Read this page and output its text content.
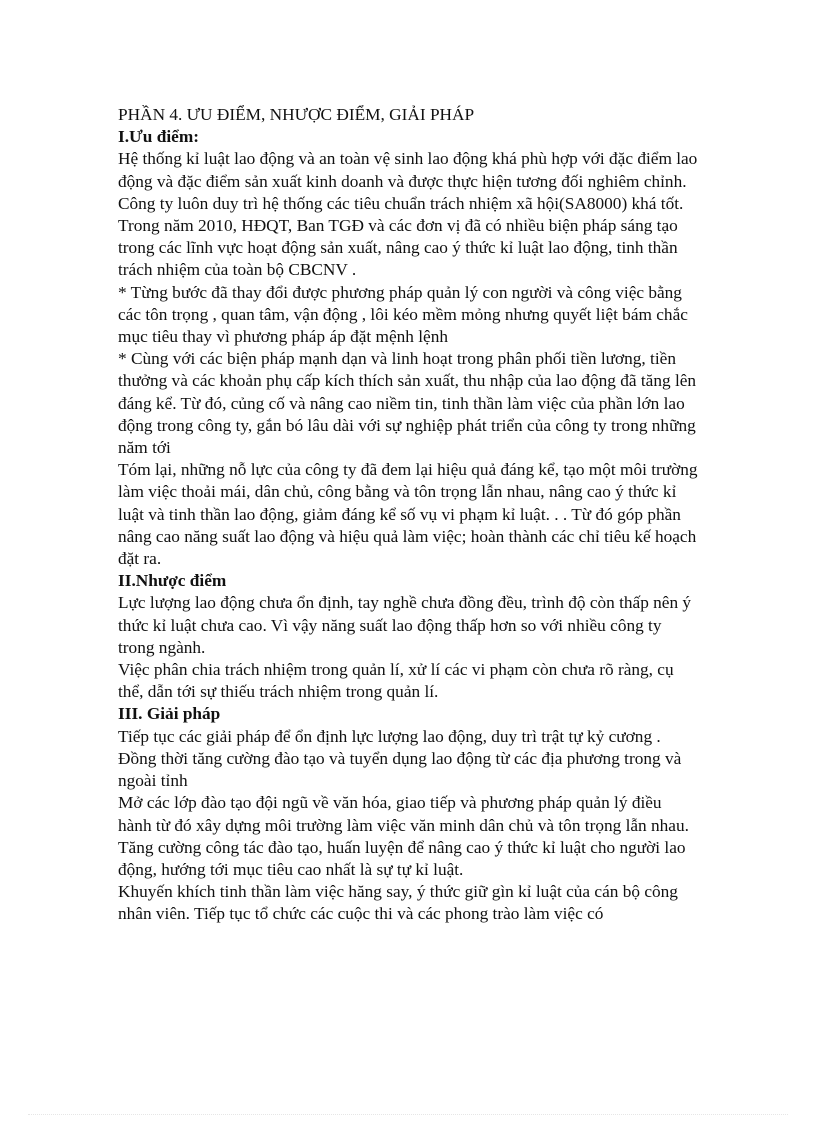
PHẦN 4. ƯU ĐIỂM, NHƯỢC ĐIỂM, GIẢI PHÁP

I.Ưu điểm:

Hệ thống kỉ luật lao động và an toàn vệ sinh lao động khá phù hợp với đặc điểm lao động và đặc điểm sản xuất kinh doanh và được thực hiện tương đối nghiêm chỉnh.

Công ty luôn duy trì hệ thống các tiêu chuẩn trách nhiệm xã hội(SA8000) khá tốt.

Trong năm 2010, HĐQT, Ban TGĐ và các đơn vị đã có nhiều biện pháp sáng tạo trong các lĩnh vực hoạt động sản xuất, nâng cao ý thức kỉ luật lao động, tinh thần trách nhiệm của toàn bộ CBCNV .

* Từng bước đã thay đổi được phương pháp quản lý con người và công việc bằng các tôn trọng , quan tâm, vận động , lôi kéo mềm mỏng nhưng quyết liệt bám chắc mục tiêu thay vì phương pháp áp đặt mệnh lệnh

* Cùng với các biện pháp mạnh dạn và linh hoạt trong phân phối tiền lương, tiền thưởng và các khoản phụ cấp kích thích sản xuất, thu nhập của lao động đã tăng lên đáng kể. Từ đó, củng cố và nâng cao niềm tin, tinh thần làm việc của phần lớn lao động trong công ty, gắn bó lâu dài với sự nghiệp phát triển của công ty trong những năm tới

Tóm lại, những nỗ lực của công ty đã đem lại hiệu quả đáng kể, tạo một môi trường làm việc thoải mái, dân chủ, công bằng và tôn trọng lẫn nhau, nâng cao ý thức kỉ luật và tinh thần lao động, giảm đáng kể số vụ vi phạm kỉ luật. . . Từ đó góp phần nâng cao năng suất lao động và hiệu quả làm việc; hoàn thành các chỉ tiêu kế hoạch đặt ra.

II.Nhược điểm

Lực lượng lao động chưa ổn định, tay nghề chưa đồng đều, trình độ còn thấp nên ý thức kỉ luật chưa cao. Vì vậy năng suất lao động thấp hơn so với nhiều công ty trong ngành.

Việc phân chia trách nhiệm trong quản lí, xử lí các vi phạm còn chưa rõ ràng, cụ thể, dẫn tới sự thiếu trách nhiệm trong quản lí.

III. Giải pháp

Tiếp tục các giải pháp để ổn định lực lượng lao động, duy trì trật tự kỷ cương . Đồng thời tăng cường đào tạo và tuyển dụng lao động từ các địa phương trong và ngoài tỉnh

Mở các lớp đào tạo đội ngũ về văn hóa, giao tiếp và phương pháp quản lý điều hành từ đó xây dựng môi trường làm việc văn minh dân chủ và tôn trọng lẫn nhau.

Tăng cường công tác đào tạo, huấn luyện để nâng cao ý thức kỉ luật cho người lao động, hướng tới mục tiêu cao nhất là sự tự kỉ luật.

Khuyến khích tinh thần làm việc hăng say, ý thức giữ gìn kỉ luật của cán bộ công nhân viên. Tiếp tục tổ chức các cuộc thi và các phong trào làm việc có
